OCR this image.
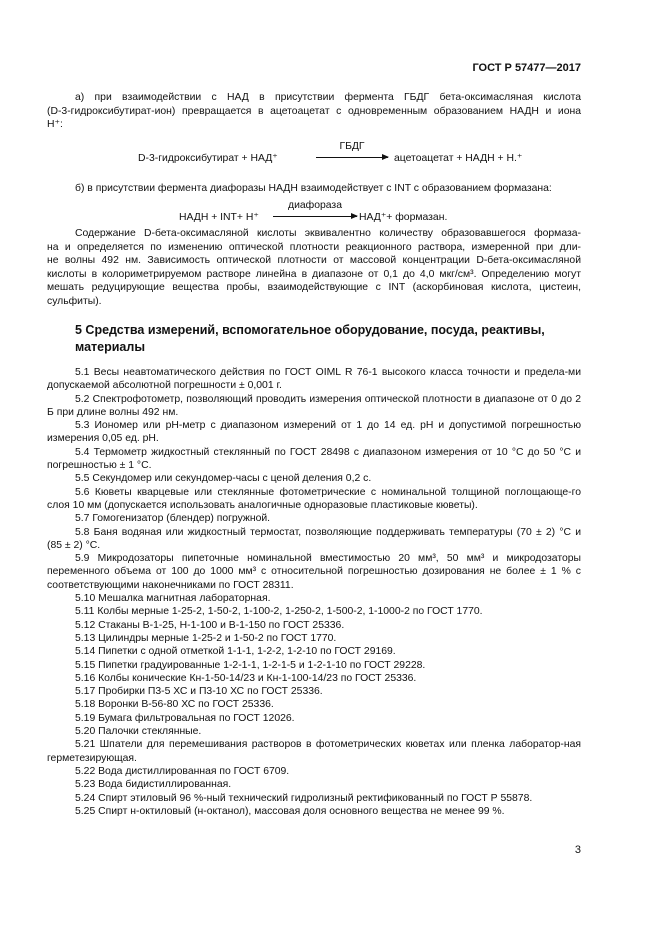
ГОСТ Р 57477—2017
а) при взаимодействии с НАД в присутствии фермента ГБДГ бета-оксимасляная кислота
(D-3-гидроксибутират-ион) превращается в ацетоацетат с одновременным образованием НАДН и иона
H⁺:
D-3-гидроксибутират + НАД⁺
ГБДГ
ацетоацетат + НАДН + Н.⁺
б) в присутствии фермента диафоразы НАДН взаимодействует с INT с образованием формазана:
НАДН + INT+ Н⁺
диафораза
НАД⁺+ формазан.
Содержание D-бета-оксимасляной кислоты эквивалентно количеству образовавшегося формаза-
на и определяется по изменению оптической плотности реакционного раствора, измеренной при дли-
не волны 492 нм. Зависимость оптической плотности от массовой концентрации D-бета-оксимасляной
кислоты в колориметрируемом растворе линейна в диапазоне от 0,1 до 4,0 мкг/см³. Определению могут
мешать редуцирующие вещества пробы, взаимодействующие с INT (аскорбиновая кислота, цистеин,
сульфиты).
5 Средства измерений, вспомогательное оборудование, посуда, реактивы,
материалы

5.1 Весы неавтоматического действия по ГОСТ OIML R 76-1 высокого класса точности и предела-ми допускаемой абсолютной погрешности ± 0,001 г.

5.2 Спектрофотометр, позволяющий проводить измерения оптической плотности в диапазоне от 0 до 2 Б при длине волны 492 нм.

5.3 Иономер или pH-метр с диапазоном измерений от 1 до 14 ед. pH и допустимой погрешностью измерения 0,05 ед. pH.

5.4 Термометр жидкостный стеклянный по ГОСТ 28498 с диапазоном измерения от 10 °С до 50 °С и погрешностью ± 1 °С.

5.5 Секундомер или секундомер-часы с ценой деления 0,2 с.

5.6 Кюветы кварцевые или стеклянные фотометрические с номинальной толщиной поглощающе-го слоя 10 мм (допускается использовать аналогичные одноразовые пластиковые кюветы).

5.7 Гомогенизатор (блендер) погружной.

5.8 Баня водяная или жидкостный термостат, позволяющие поддерживать температуры (70 ± 2) °С и (85 ± 2) °С.

5.9 Микродозаторы пипеточные номинальной вместимостью 20 мм³, 50 мм³ и микродозаторы переменного объема от 100 до 1000 мм³ с относительной погрешностью дозирования не более ± 1 % с соответствующими наконечниками по ГОСТ 28311.

5.10 Мешалка магнитная лабораторная.

5.11 Колбы мерные 1-25-2, 1-50-2, 1-100-2, 1-250-2, 1-500-2, 1-1000-2 по ГОСТ 1770.

5.12 Стаканы В-1-25, Н-1-100 и В-1-150 по ГОСТ 25336.

5.13 Цилиндры мерные 1-25-2 и 1-50-2 по ГОСТ 1770.

5.14 Пипетки с одной отметкой 1-1-1, 1-2-2, 1-2-10 по ГОСТ 29169.

5.15 Пипетки градуированные 1-2-1-1, 1-2-1-5 и 1-2-1-10 по ГОСТ 29228.

5.16 Колбы конические Кн-1-50-14/23 и Кн-1-100-14/23 по ГОСТ 25336.

5.17 Пробирки П3-5 ХС и П3-10 ХС по ГОСТ 25336.

5.18 Воронки В-56-80 ХС по ГОСТ 25336.

5.19 Бумага фильтровальная по ГОСТ 12026.

5.20 Палочки стеклянные.

5.21 Шпатели для перемешивания растворов в фотометрических кюветах или пленка лаборатор-ная герметезирующая.

5.22 Вода дистиллированная по ГОСТ 6709.

5.23 Вода бидистиллированная.

5.24 Спирт этиловый 96 %-ный технический гидролизный ректификованный по ГОСТ Р 55878.

5.25 Спирт н-октиловый (н-октанол), массовая доля основного вещества не менее 99 %.

3
